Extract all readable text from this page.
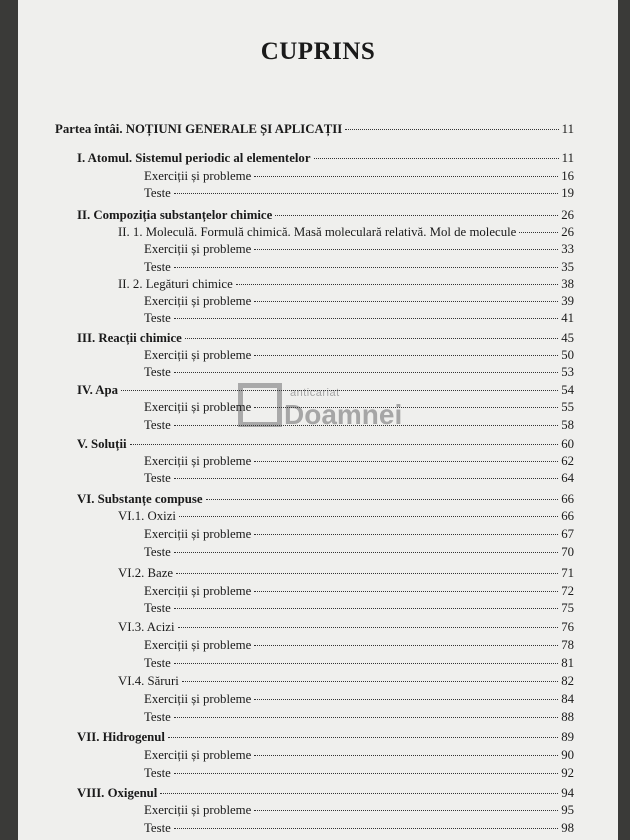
CUPRINS
anticariat
Doamnei
Partea întâi. NOȚIUNI GENERALE ȘI APLICAȚII	11
I. Atomul. Sistemul periodic al elementelor	11
Exerciții și probleme	16
Teste	19
II. Compoziția substanțelor chimice	26
II. 1. Moleculă. Formulă chimică. Masă moleculară relativă. Mol de molecule	26
Exerciții și probleme	33
Teste	35
II. 2. Legături chimice	38
Exerciții și probleme	39
Teste	41
III. Reacții chimice	45
Exerciții și probleme	50
Teste	53
IV. Apa	54
Exerciții și probleme	55
Teste	58
V. Soluții	60
Exerciții și probleme	62
Teste	64
VI. Substanțe compuse	66
VI.1. Oxizi	66
Exerciții și probleme	67
Teste	70
VI.2. Baze	71
Exerciții și probleme	72
Teste	75
VI.3. Acizi	76
Exerciții și probleme	78
Teste	81
VI.4. Săruri	82
Exerciții și probleme	84
Teste	88
VII. Hidrogenul	89
Exerciții și probleme	90
Teste	92
VIII. Oxigenul	94
Exerciții și probleme	95
Teste	98
